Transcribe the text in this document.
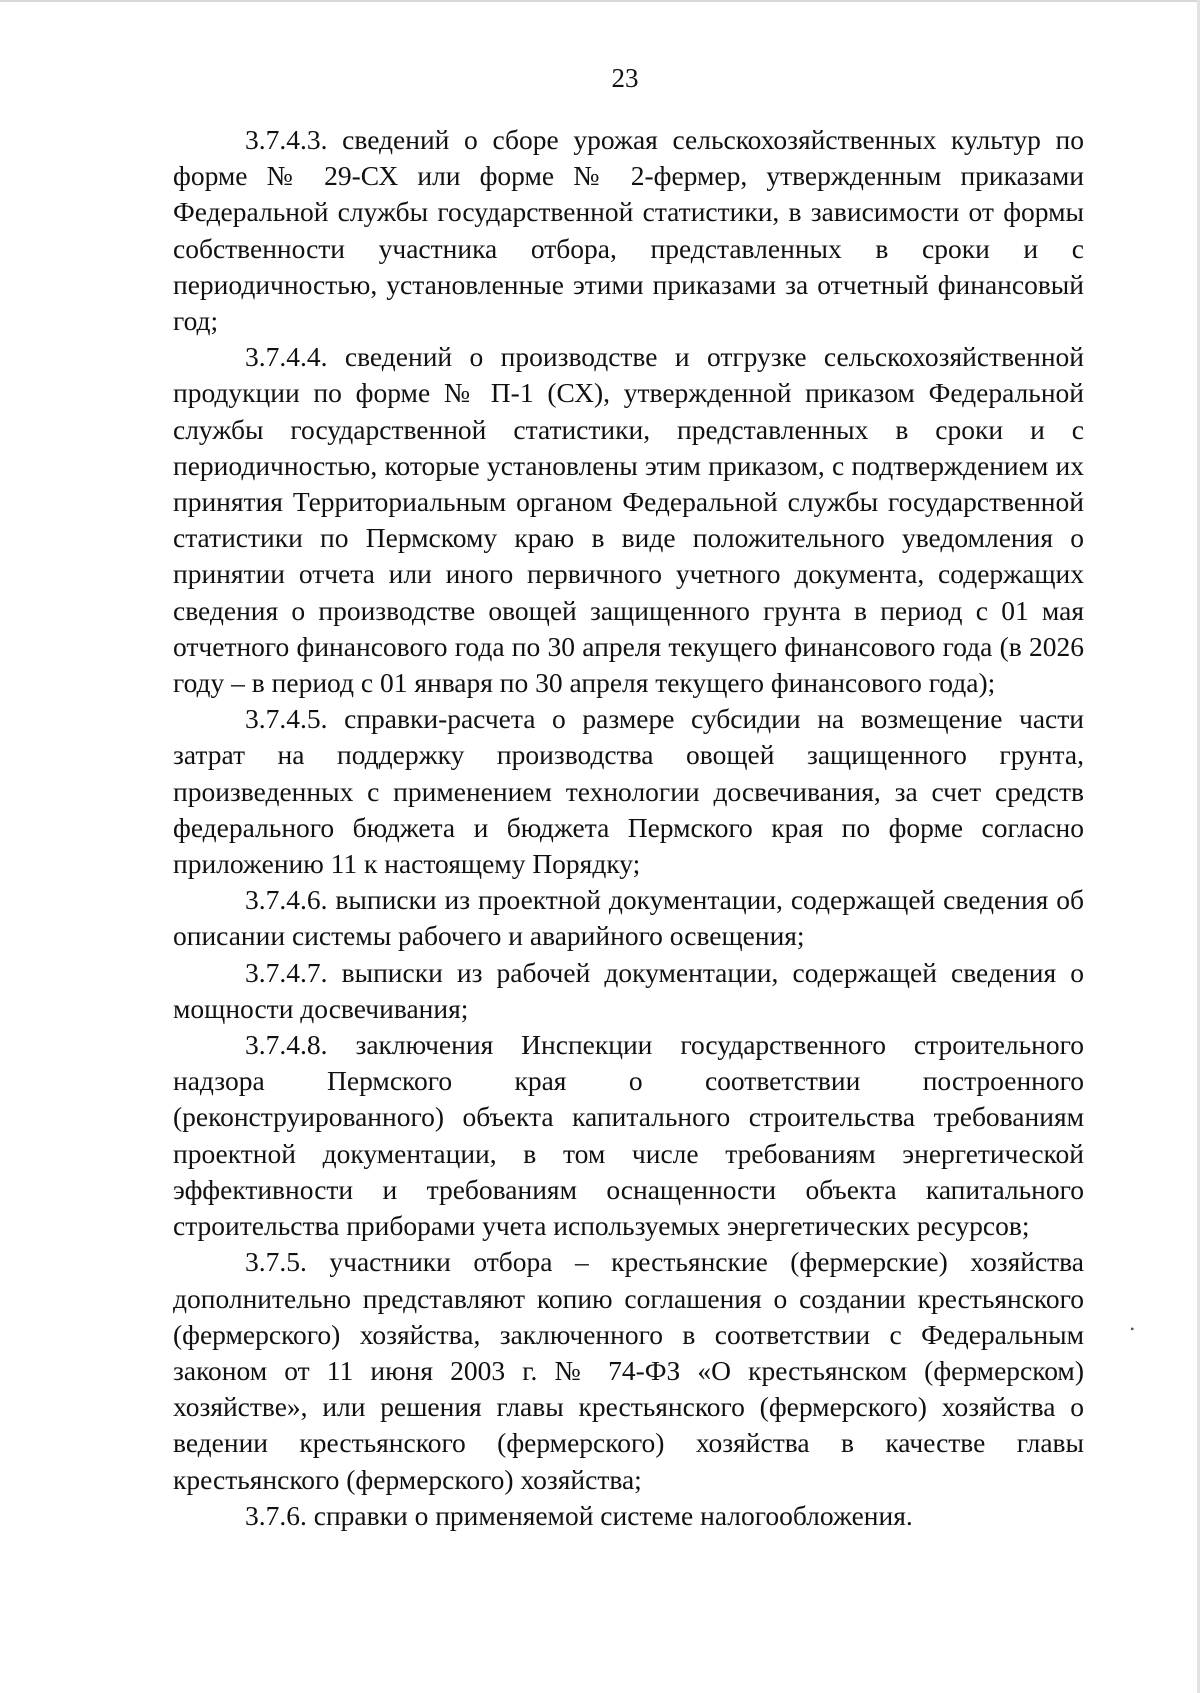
23

3.7.4.3. сведений о сборе урожая сельскохозяйственных культур по форме № 29-СХ или форме № 2-фермер, утвержденным приказами Федеральной службы государственной статистики, в зависимости от формы собственности участника отбора, представленных в сроки и с периодичностью, установленные этими приказами за отчетный финансовый год;

3.7.4.4. сведений о производстве и отгрузке сельскохозяйственной продукции по форме № П-1 (СХ), утвержденной приказом Федеральной службы государственной статистики, представленных в сроки и с периодичностью, которые установлены этим приказом, с подтверждением их принятия Территориальным органом Федеральной службы государственной статистики по Пермскому краю в виде положительного уведомления о принятии отчета или иного первичного учетного документа, содержащих сведения о производстве овощей защищенного грунта в период с 01 мая отчетного финансового года по 30 апреля текущего финансового года (в 2026 году – в период с 01 января по 30 апреля текущего финансового года);

3.7.4.5. справки-расчета о размере субсидии на возмещение части затрат на поддержку производства овощей защищенного грунта, произведенных с применением технологии досвечивания, за счет средств федерального бюджета и бюджета Пермского края по форме согласно приложению 11 к настоящему Порядку;

3.7.4.6. выписки из проектной документации, содержащей сведения об описании системы рабочего и аварийного освещения;

3.7.4.7. выписки из рабочей документации, содержащей сведения о мощности досвечивания;

3.7.4.8. заключения Инспекции государственного строительного надзора Пермского края о соответствии построенного (реконструированного) объекта капитального строительства требованиям проектной документации, в том числе требованиям энергетической эффективности и требованиям оснащенности объекта капитального строительства приборами учета используемых энергетических ресурсов;

3.7.5. участники отбора – крестьянские (фермерские) хозяйства дополнительно представляют копию соглашения о создании крестьянского (фермерского) хозяйства, заключенного в соответствии с Федеральным законом от 11 июня 2003 г. № 74-ФЗ «О крестьянском (фермерском) хозяйстве», или решения главы крестьянского (фермерского) хозяйства о ведении крестьянского (фермерского) хозяйства в качестве главы крестьянского (фермерского) хозяйства;

3.7.6. справки о применяемой системе налогообложения.

•
